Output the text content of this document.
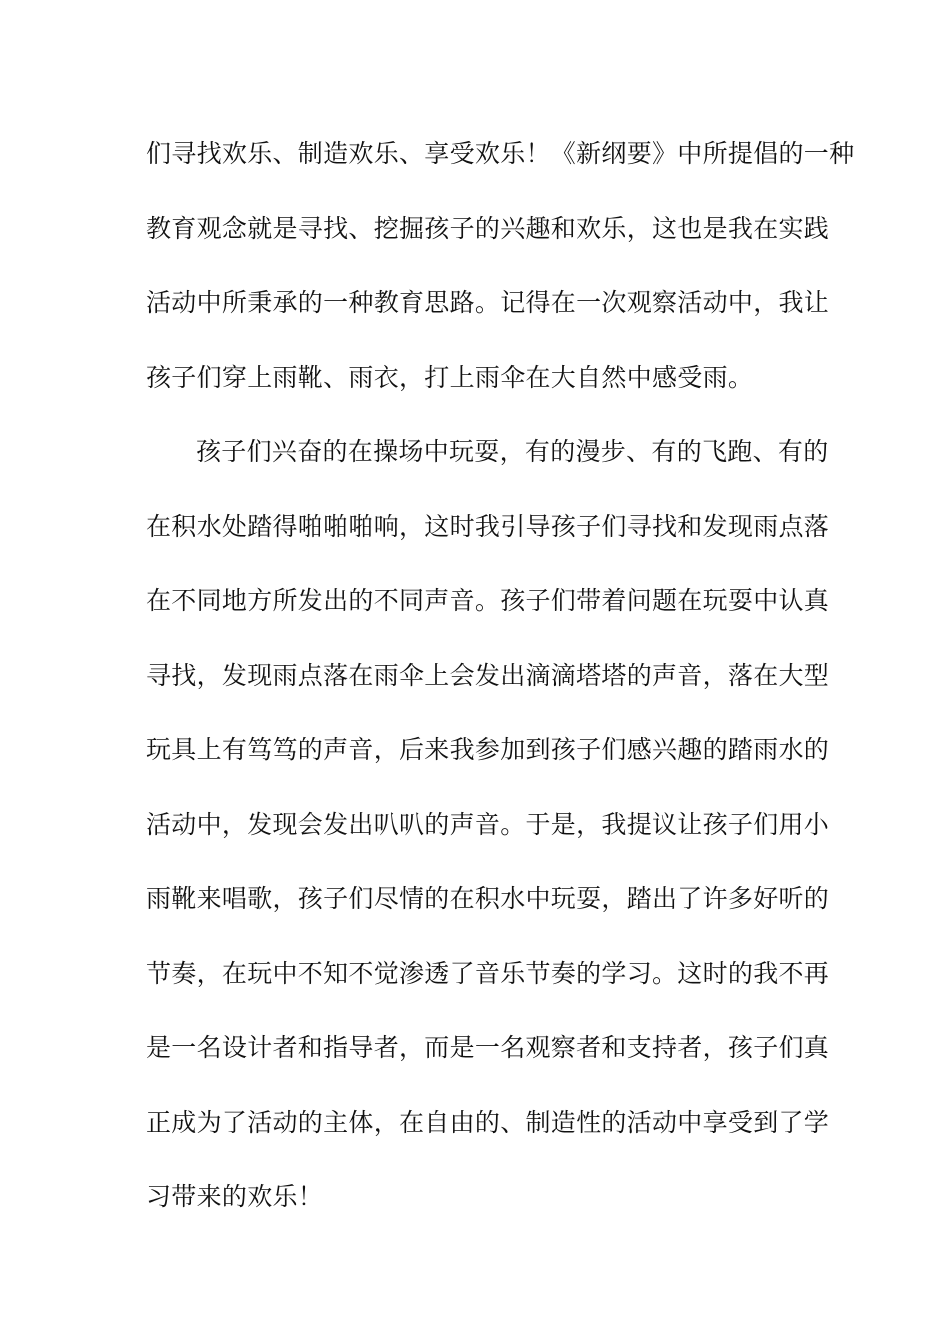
们寻找欢乐、制造欢乐、享受欢乐！《新纲要》中所提倡的一种
教育观念就是寻找、挖掘孩子的兴趣和欢乐，这也是我在实践
活动中所秉承的一种教育思路。记得在一次观察活动中，我让
孩子们穿上雨靴、雨衣，打上雨伞在大自然中感受雨。
孩子们兴奋的在操场中玩耍，有的漫步、有的飞跑、有的
在积水处踏得啪啪啪响，这时我引导孩子们寻找和发现雨点落
在不同地方所发出的不同声音。孩子们带着问题在玩耍中认真
寻找，发现雨点落在雨伞上会发出滴滴塔塔的声音，落在大型
玩具上有笃笃的声音，后来我参加到孩子们感兴趣的踏雨水的
活动中，发现会发出叭叭的声音。于是，我提议让孩子们用小
雨靴来唱歌，孩子们尽情的在积水中玩耍，踏出了许多好听的
节奏，在玩中不知不觉渗透了音乐节奏的学习。这时的我不再
是一名设计者和指导者，而是一名观察者和支持者，孩子们真
正成为了活动的主体，在自由的、制造性的活动中享受到了学
习带来的欢乐！
